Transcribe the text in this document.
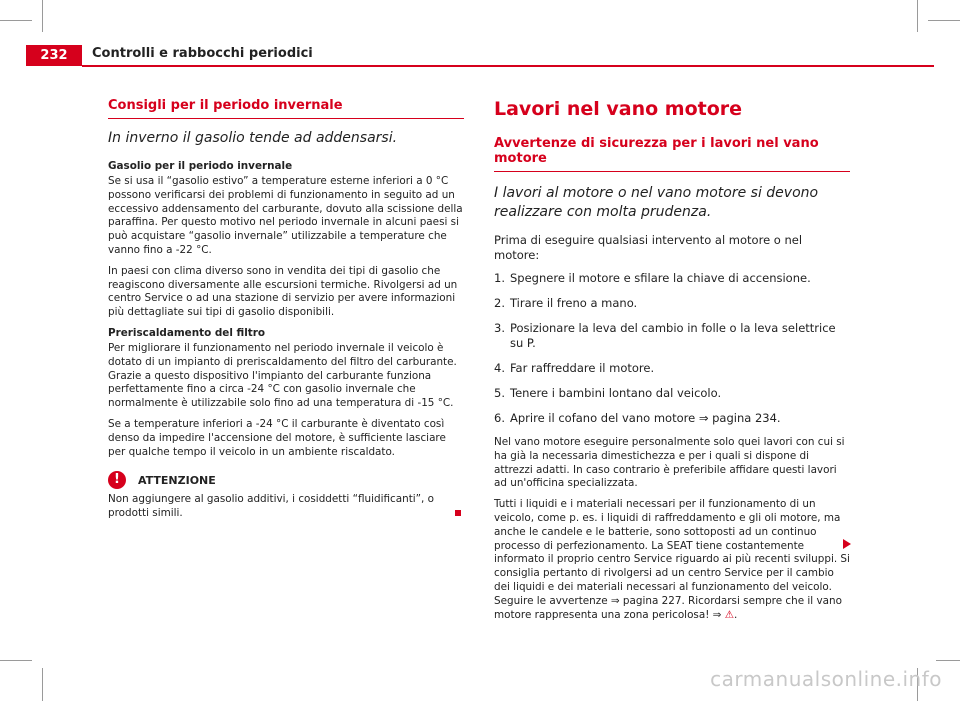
232	Controlli e rabbocchi periodici
Consigli per il periodo invernale
In inverno il gasolio tende ad addensarsi.
Gasolio per il periodo invernale
Se si usa il “gasolio estivo” a temperature esterne inferiori a 0 °C possono verificarsi dei problemi di funzionamento in seguito ad un eccessivo addensamento del carburante, dovuto alla scissione della paraffina. Per questo motivo nel periodo invernale in alcuni paesi si può acquistare “gasolio invernale” utilizzabile a temperature che vanno fino a -22 °C.
In paesi con clima diverso sono in vendita dei tipi di gasolio che reagiscono diversamente alle escursioni termiche. Rivolgersi ad un centro Service o ad una stazione di servizio per avere informazioni più dettagliate sui tipi di gasolio disponibili.
Preriscaldamento del filtro
Per migliorare il funzionamento nel periodo invernale il veicolo è dotato di un impianto di preriscaldamento del filtro del carburante. Grazie a questo dispositivo l'impianto del carburante funziona perfettamente fino a circa -24 °C con gasolio invernale che normalmente è utilizzabile solo fino ad una temperatura di -15 °C.
Se a temperature inferiori a -24 °C il carburante è diventato così denso da impedire l'accensione del motore, è sufficiente lasciare per qualche tempo il veicolo in un ambiente riscaldato.
!	ATTENZIONE
Non aggiungere al gasolio additivi, i cosiddetti “fluidificanti”, o prodotti simili.
Lavori nel vano motore
Avvertenze di sicurezza per i lavori nel vano motore
I lavori al motore o nel vano motore si devono realizzare con molta prudenza.
Prima di eseguire qualsiasi intervento al motore o nel motore:
1. Spegnere il motore e sfilare la chiave di accensione.
2. Tirare il freno a mano.
3. Posizionare la leva del cambio in folle o la leva selettrice su P.
4. Far raffreddare il motore.
5. Tenere i bambini lontano dal veicolo.
6. Aprire il cofano del vano motore ⇒ pagina 234.
Nel vano motore eseguire personalmente solo quei lavori con cui si ha già la necessaria dimestichezza e per i quali si dispone di attrezzi adatti. In caso contrario è preferibile affidare questi lavori ad un'officina specializzata.
Tutti i liquidi e i materiali necessari per il funzionamento di un veicolo, come p. es. i liquidi di raffreddamento e gli oli motore, ma anche le candele e le batterie, sono sottoposti ad un continuo processo di perfezionamento. La SEAT tiene costantemente informato il proprio centro Service riguardo ai più recenti sviluppi. Si consiglia pertanto di rivolgersi ad un centro Service per il cambio dei liquidi e dei materiali necessari al funzionamento del veicolo. Seguire le avvertenze ⇒ pagina 227. Ricordarsi sempre che il vano motore rappresenta una zona pericolosa! ⇒ ⚠.
carmanualsonline.info
